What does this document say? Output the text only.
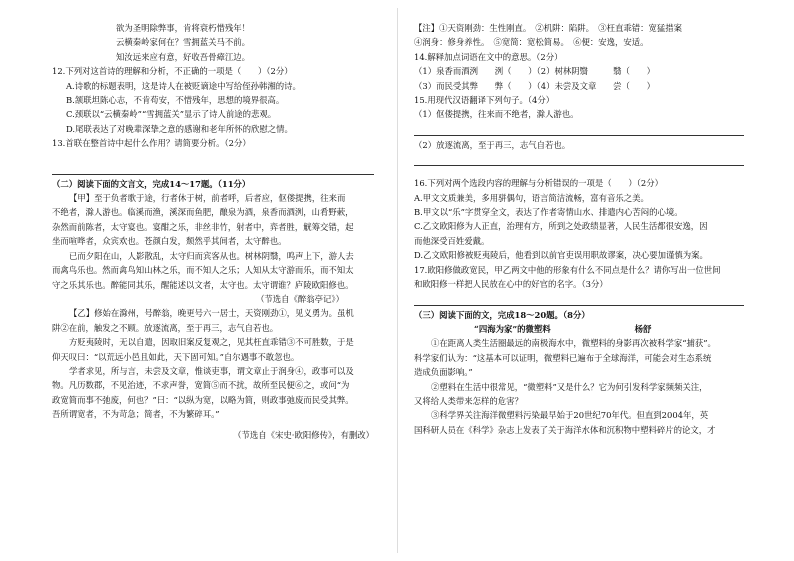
欲为圣明除弊事，肯将衰朽惜残年！
云横秦岭家何在？雪拥蓝关马不前。
知汝远来应有意，好收吾骨瘴江边。
12.下列对这首诗的理解和分析，不正确的一项是（　　）（2分）
A.诗歌的标题表明，这是诗人在被贬谪途中写给侄孙韩湘的诗。
B.颔联坦陈心志，不肯苟安，不惜残年，思想的境界很高。
C.颈联以“云横秦岭”“雪拥蓝关”显示了诗人前途的悲观。
D.尾联表达了对晚辈深挚之意的感谢和老年所怀的欣慰之情。
13.首联在整首诗中起什么作用？请简要分析。（2分）
（二）阅读下面的文言文，完成14～17题。（11分）
【甲】至于负者歌于途，行者休于树，前者呼，后者应，伛偻提携，往来而
不绝者，滁人游也。临溪而渔，溪深而鱼肥，酿泉为酒，泉香而酒洌，山肴野蔌，
杂然而前陈者，太守宴也。宴酣之乐，非丝非竹，射者中，弈者胜，觥筹交错，起
坐而喧哗者，众宾欢也。苍颜白发，颓然乎其间者，太守醉也。
已而夕阳在山，人影散乱，太守归而宾客从也。树林阴翳，鸣声上下，游人去
而禽鸟乐也。然而禽鸟知山林之乐，而不知人之乐；人知从太守游而乐，而不知太
守之乐其乐也。醉能同其乐，醒能述以文者，太守也。太守谓谁？庐陵欧阳修也。
（节选自《醉翁亭记》）
【乙】修始在滁州，号醉翁，晚更号六一居士，天资刚劲①，见义勇为。虽机
阱②在前，触发之不顾。放逐流离，至于再三，志气自若也。
方贬夷陵时，无以自遣，因取旧案反复观之，见其枉直乖错③不可胜数，于是
仰天叹曰：“以荒远小邑且如此，天下固可知。”自尔遇事不敢忽也。
学者求见，所与言，未尝及文章，惟谈吏事，谓文章止于润身④，政事可以及
物。凡历数郡，不见治迹，不求声誉，宽简⑤而不扰，故所至民便⑥之，或问“为
政宽简而事不弛废，何也？”曰：“以纵为宽，以略为简，则政事弛废而民受其弊。
吾所谓宽者，不为苛急；简者，不为繁碎耳。”
（节选自《宋史·欧阳修传》，有删改）
【注】①天资刚劲：生性刚直。　②机阱：陷阱。　③枉直乖错：宽猛措案
④润身：修身养性。　⑤宽简：宽松简易。　⑥便：安逸，安适。
14.解释加点词语在文中的意思。（2分）
（1）泉香而酒洌　　洌（　　）（2）树林阴翳　　　翳（　　）
（3）而民受其弊　　弊（　　）（4）未尝及文章　　尝（　　）
15.用现代汉语翻译下列句子。（4分）
（1）伛偻提携，往来而不绝者，滁人游也。
（2）放逐流离，至于再三，志气自若也。
16.下列对两个选段内容的理解与分析错误的一项是（　　）（2分）
A.甲文文质兼美，多用骈偶句，语言简洁流畅，富有音乐之美。
B.甲文以“乐”字贯穿全文，表达了作者寄情山水、排遣内心苦闷的心境。
C.乙文欧阳修为人正直，治理有方，所到之处政绩显著，人民生活都很安逸，因
而他深受百姓爱戴。
D.乙文欧阳修被贬夷陵后，他看到以前官吏误用职故谬案，决心要加谨慎为案。
17.欧阳修做政宽民，甲乙两文中他的形象有什么不同点是什么？请你写出一位世间
和欧阳修一样把人民放在心中的好官的名字。（3分）
（三）阅读下面的文，完成18～20题。（8分）
“四海为家”的微塑料	杨舒
①在距离人类生活圈最远的南极海水中，微塑料的身影再次被科学家“捕获”。
科学家们认为：“这基本可以证明，微塑料已遍布于全球海洋，可能会对生态系统
造成负面影响。”
②塑料在生活中很常见，“微塑料”又是什么？它为何引发科学家频频关注，
又将给人类带来怎样的危害？
③科学界关注海洋微塑料污染最早始于20世纪70年代。但直到2004年，英
国科研人员在《科学》杂志上发表了关于海洋水体和沉积物中塑料碎片的论文，才
